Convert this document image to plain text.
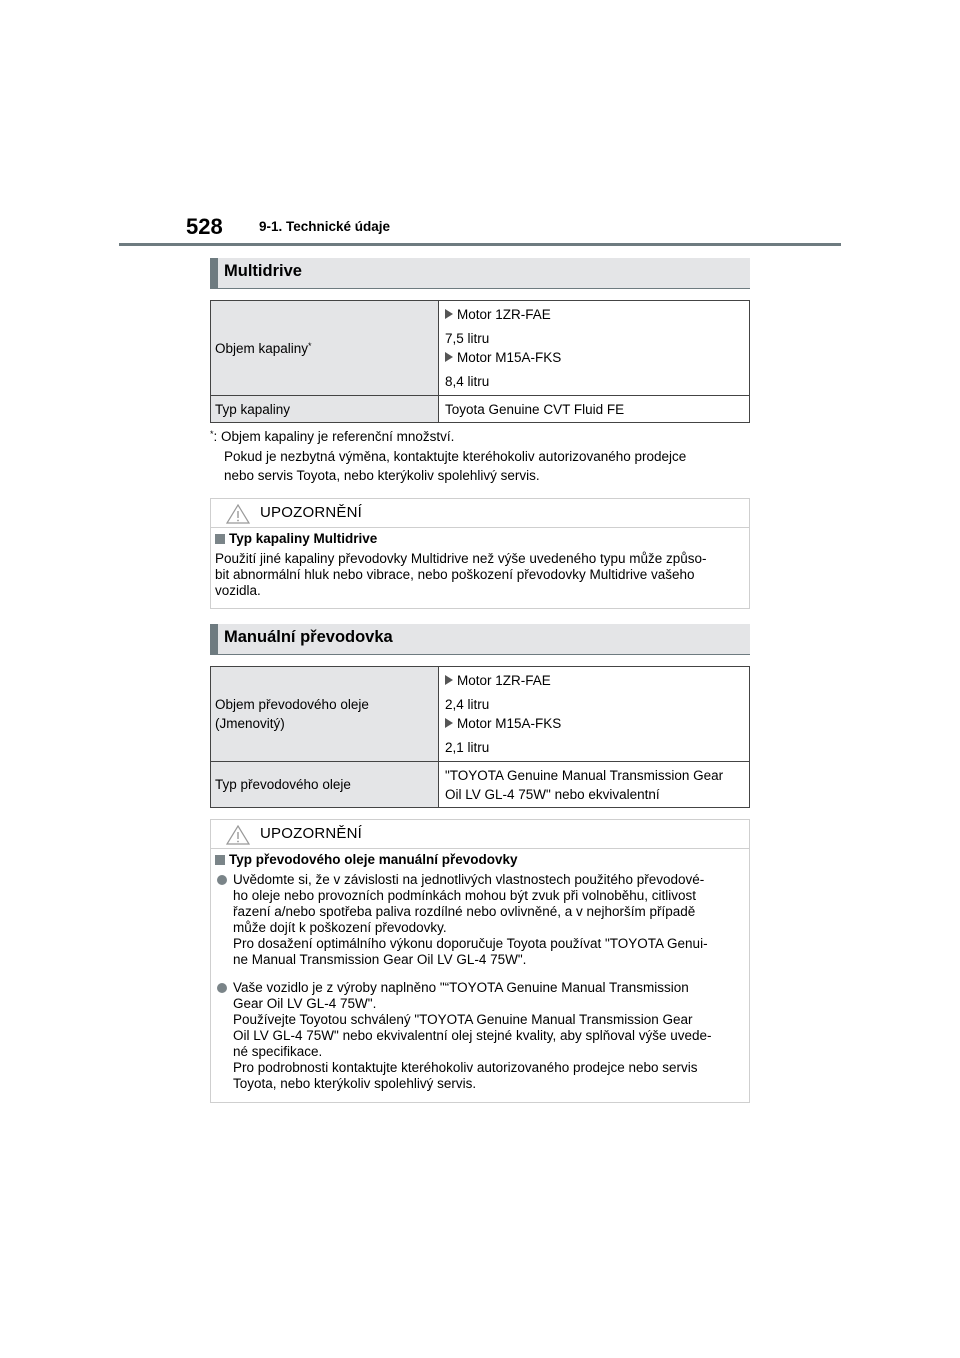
528	9-1. Technické údaje
Multidrive
Objem kapaliny*	Motor 1ZR-FAE
7,5 litru
Motor M15A-FKS
8,4 litru

Typ kapaliny	Toyota Genuine CVT Fluid FE
*: Objem kapaliny je referenční množství.
Pokud je nezbytná výměna, kontaktujte kteréhokoliv autorizovaného prodejce
nebo servis Toyota, nebo kterýkoliv spolehlivý servis.
UPOZORNĚNÍ
Typ kapaliny Multidrive
Použití jiné kapaliny převodovky Multidrive než výše uvedeného typu může způso-
bit abnormální hluk nebo vibrace, nebo poškození převodovky Multidrive vašeho
vozidla.
Manuální převodovka
Objem převodového oleje
(Jmenovitý)	Motor 1ZR-FAE
2,4 litru
Motor M15A-FKS
2,1 litru

Typ převodového oleje	"TOYOTA Genuine Manual Transmission Gear
Oil LV GL-4 75W" nebo ekvivalentní
UPOZORNĚNÍ
Typ převodového oleje manuální převodovky
Uvědomte si, že v závislosti na jednotlivých vlastnostech použitého převodové-
ho oleje nebo provozních podmínkách mohou být zvuk při volnoběhu, citlivost
řazení a/nebo spotřeba paliva rozdílné nebo ovlivněné, a v nejhorším případě
může dojít k poškození převodovky.
Pro dosažení optimálního výkonu doporučuje Toyota používat "TOYOTA Genui-
ne Manual Transmission Gear Oil LV GL-4 75W".
Vaše vozidlo je z výroby naplněno "“TOYOTA Genuine Manual Transmission
Gear Oil LV GL-4 75W".
Používejte Toyotou schválený "TOYOTA Genuine Manual Transmission Gear
Oil LV GL-4 75W" nebo ekvivalentní olej stejné kvality, aby splňoval výše uvede-
né specifikace.
Pro podrobnosti kontaktujte kteréhokoliv autorizovaného prodejce nebo servis
Toyota, nebo kterýkoliv spolehlivý servis.
